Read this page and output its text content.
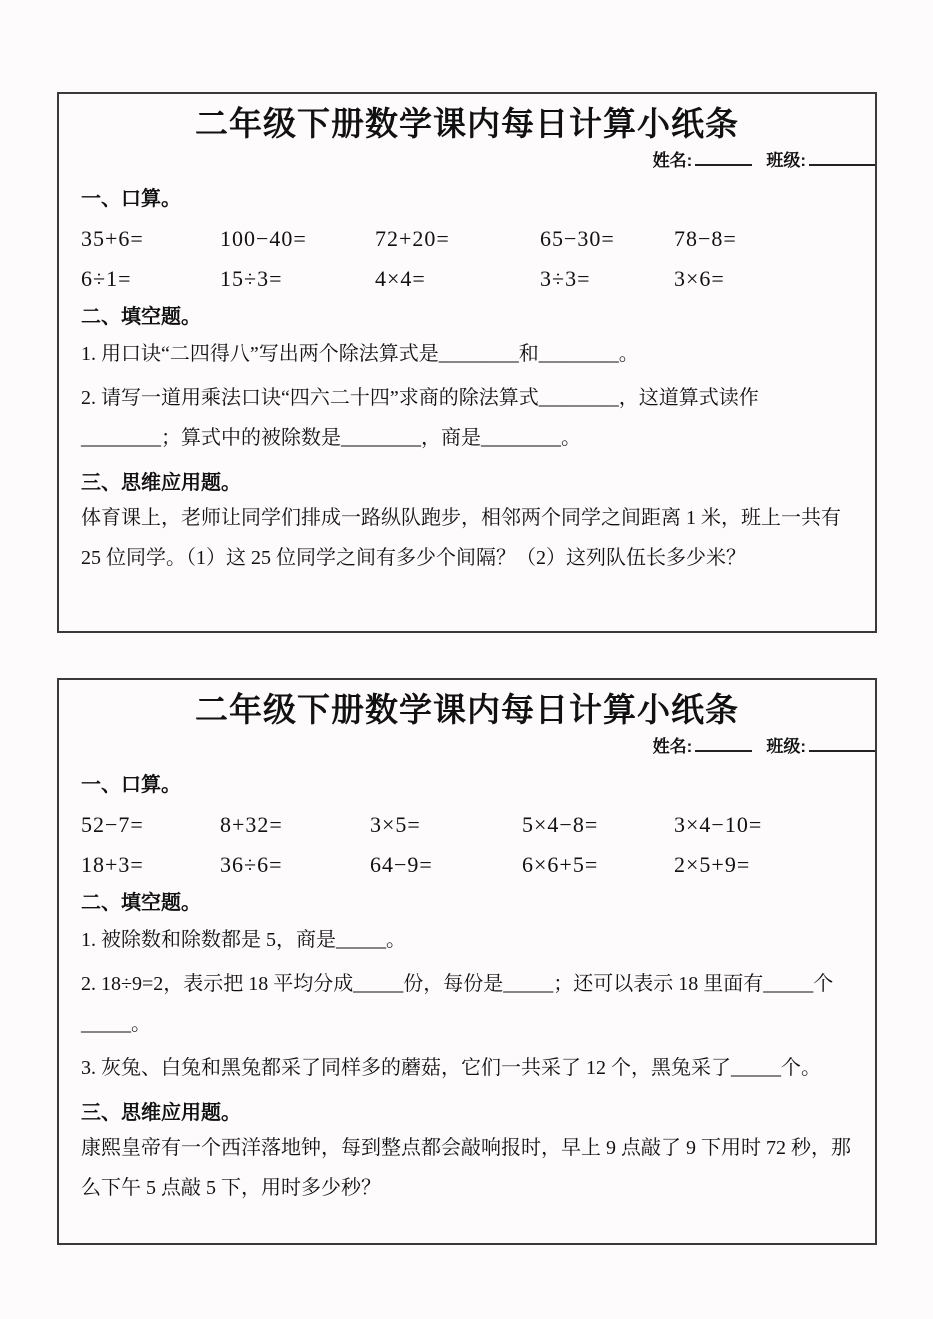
二年级下册数学课内每日计算小纸条
姓名:	班级:
一、口算。
35+6=	100−40=	72+20=	65−30=	78−8=
6÷1=	15÷3=	4×4=	3÷3=	3×6=
二、填空题。

1. 用口诀“二四得八”写出两个除法算式是________和________。

2. 请写一道用乘法口诀“四六二十四”求商的除法算式________，这道算式读作________；算式中的被除数是________，商是________。

三、思维应用题。

体育课上，老师让同学们排成一路纵队跑步，相邻两个同学之间距离 1 米，班上一共有 25 位同学。（1）这 25 位同学之间有多少个间隔？（2）这列队伍长多少米？

二年级下册数学课内每日计算小纸条
姓名:	班级:
一、口算。
52−7=	8+32=	3×5=	5×4−8=	3×4−10=
18+3=	36÷6=	64−9=	6×6+5=	2×5+9=
二、填空题。

1. 被除数和除数都是 5，商是_____。

2. 18÷9=2，表示把 18 平均分成_____份，每份是_____；还可以表示 18 里面有_____个_____。

3. 灰兔、白兔和黑兔都采了同样多的蘑菇，它们一共采了 12 个，黑兔采了_____个。

三、思维应用题。

康熙皇帝有一个西洋落地钟，每到整点都会敲响报时，早上 9 点敲了 9 下用时 72 秒，那么下午 5 点敲 5 下，用时多少秒？
